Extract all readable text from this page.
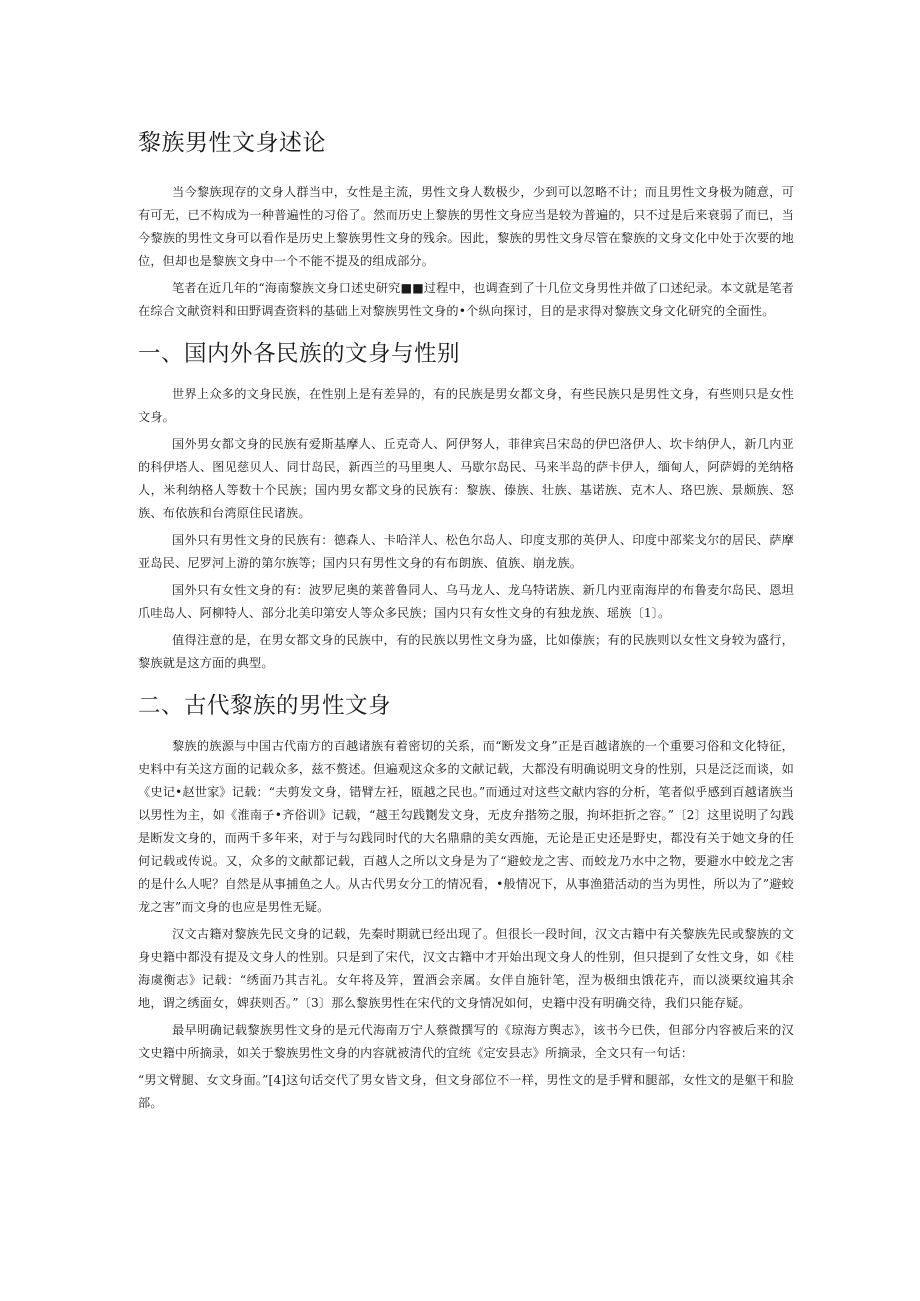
黎族男性文身述论

当今黎族现存的文身人群当中，女性是主流，男性文身人数极少，少到可以忽略不计；而且男性文身极为随意，可有可无，已不构成为一种普遍性的习俗了。然而历史上黎族的男性文身应当是较为普遍的，只不过是后来衰弱了而已，当今黎族的男性文身可以看作是历史上黎族男性文身的残余。因此，黎族的男性文身尽管在黎族的文身文化中处于次要的地位，但却也是黎族文身中一个不能不提及的组成部分。

笔者在近几年的“海南黎族文身口述史研究■■过程中，也调查到了十几位文身男性并做了口述纪录。本文就是笔者在综合文献资料和田野调查资料的基础上对黎族男性文身的•个纵向探讨，目的是求得对黎族文身文化研究的全面性。

一、国内外各民族的文身与性别

世界上众多的文身民族，在性别上是有差异的，有的民族是男女都文身，有些民族只是男性文身，有些则只是女性文身。

国外男女都文身的民族有爱斯基摩人、丘克奇人、阿伊努人，菲律宾吕宋岛的伊巴洛伊人、坎卡纳伊人，新几内亚的科伊塔人、图见慈贝人、同廿岛民，新西兰的马里奥人、马歇尔岛民、马来半岛的萨卡伊人，缅甸人，阿萨姆的羌纳格人，米利纳格人等数十个民族；国内男女都文身的民族有：黎族、傣族、壮族、基诺族、克木人、珞巴族、景颇族、怒族、布依族和台湾原住民诸族。

国外只有男性文身的民族有：德森人、卡哈洋人、松色尔岛人、印度支那的英伊人、印度中部桨戈尔的居民、萨摩亚岛民、尼罗河上游的第尔族等；国内只有男性文身的有布朗族、值族、崩龙族。

国外只有女性文身的有：波罗尼奥的莱普鲁同人、乌马龙人、龙乌特诺族、新几内亚南海岸的布鲁麦尔岛民、恩坦爪哇岛人、阿柳特人、部分北美印第安人等众多民族；国内只有女性文身的有独龙族、瑶族〔1〕。

值得注意的是，在男女都文身的民族中，有的民族以男性文身为盛，比如傣族；有的民族则以女性文身较为盛行，黎族就是这方面的典型。

二、古代黎族的男性文身

黎族的族源与中国古代南方的百越诸族有着密切的关系，而“断发文身”正是百越诸族的一个重要习俗和文化特征，史料中有关这方面的记载众多，兹不赘述。但遍观这众多的文献记载，大都没有明确说明文身的性别，只是泛泛而谈，如《史记•赵世家》记载：“夫剪发文身，错臂左衽，瓯越之民也。”而通过对这些文献内容的分析，笔者似乎感到百越诸族当以男性为主，如《淮南子•齐俗训》记载，“越王勾践劗发文身，无皮弁揩笏之服，拘坏拒折之容。”〔2〕这里说明了勾践是断发文身的，而两千多年来，对于与勾践同时代的大名鼎鼎的美女西施，无论是正史还是野史，都没有关于她文身的任何记载或传说。又，众多的文献都记载，百越人之所以文身是为了“避蛟龙之害、而蛟龙乃水中之物，要避水中蛟龙之害的是什么人呢？自然是从事捕鱼之人。从古代男女分工的情况看，•般情况下，从事渔猎活动的当为男性，所以为了”避蛟龙之害”而文身的也应是男性无疑。

汉文古籍对黎族先民文身的记载，先秦时期就已经出现了。但很长一段时间，汉文古籍中有关黎族先民或黎族的文身史籍中都没有提及文身人的性别。只是到了宋代，汉文古籍中才开始出现文身人的性别，但只提到了女性文身，如《桂海虞衡志》记载：“绣面乃其吉礼。女年将及笄，置酒会亲属。女伴自施针笔，涅为极细虫饿花卉，而以淡栗纹遍其余地，谓之绣面女，婢获则否。”〔3〕那么黎族男性在宋代的文身情况如何，史籍中没有明确交待，我们只能存疑。

最早明确记载黎族男性文身的是元代海南万宁人蔡微撰写的《琼海方舆志》，该书今已佚，但部分内容被后来的汉文史籍中所摘录，如关于黎族男性文身的内容就被清代的宜统《定安县志》所摘录，全文只有一句话：

“男文臂腿、女文身面。”[4]这句话交代了男女皆文身，但文身部位不一样，男性文的是手臂和腿部，女性文的是躯干和脸部。
